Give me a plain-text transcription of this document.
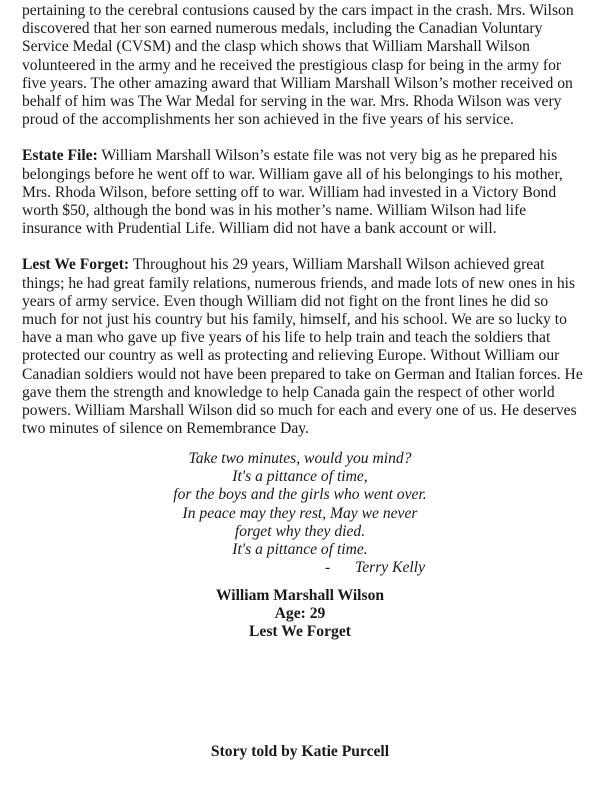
pertaining to the cerebral contusions caused by the cars impact in the crash. Mrs. Wilson
discovered that her son earned numerous medals, including the Canadian Voluntary
Service Medal (CVSM) and the clasp which shows that William Marshall Wilson
volunteered in the army and he received the prestigious clasp for being in the army for
five years. The other amazing award that William Marshall Wilson’s mother received on
behalf of him was The War Medal for serving in the war. Mrs. Rhoda Wilson was very
proud of the accomplishments her son achieved in the five years of his service.

Estate File: William Marshall Wilson’s estate file was not very big as he prepared his
belongings before he went off to war. William gave all of his belongings to his mother,
Mrs. Rhoda Wilson, before setting off to war. William had invested in a Victory Bond
worth $50, although the bond was in his mother’s name. William Wilson had life
insurance with Prudential Life. William did not have a bank account or will.

Lest We Forget: Throughout his 29 years, William Marshall Wilson achieved great
things; he had great family relations, numerous friends, and made lots of new ones in his
years of army service. Even though William did not fight on the front lines he did so
much for not just his country but his family, himself, and his school. We are so lucky to
have a man who gave up five years of his life to help train and teach the soldiers that
protected our country as well as protecting and relieving Europe. Without William our
Canadian soldiers would not have been prepared to take on German and Italian forces. He
gave them the strength and knowledge to help Canada gain the respect of other world
powers. William Marshall Wilson did so much for each and every one of us. He deserves
two minutes of silence on Remembrance Day.

Take two minutes, would you mind?
It's a pittance of time,
for the boys and the girls who went over.
In peace may they rest, May we never
forget why they died.
It's a pittance of time.
- Terry Kelly
William Marshall Wilson
Age: 29
Lest We Forget
Story told by Katie Purcell
